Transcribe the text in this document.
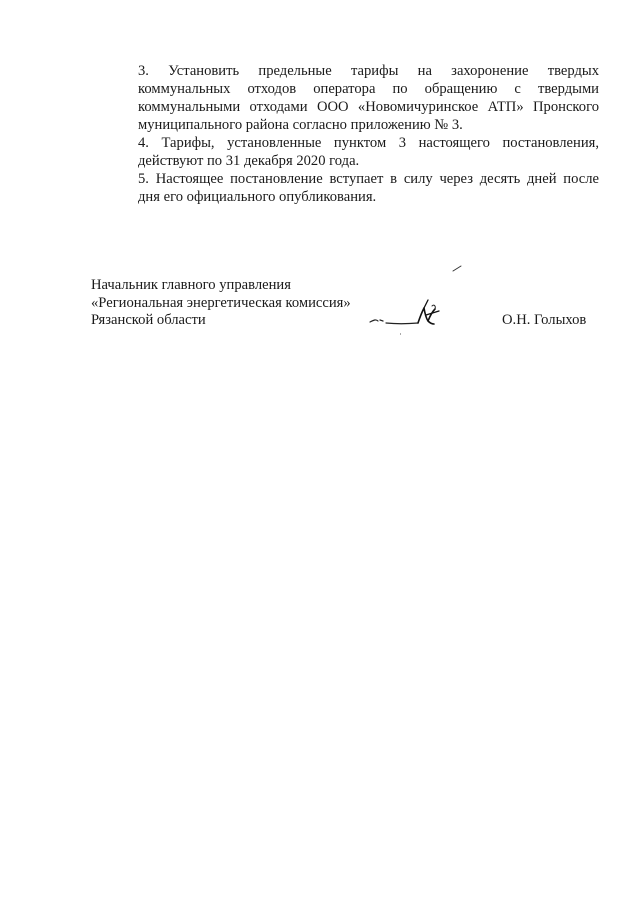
3. Установить предельные тарифы на захоронение твердых
коммунальных отходов оператора по обращению с твердыми
коммунальными отходами ООО «Новомичуринское АТП» Пронского
муниципального района согласно приложению № 3.

4. Тарифы, установленные пунктом 3 настоящего постановления,
действуют по 31 декабря 2020 года.

5. Настоящее постановление вступает в силу через десять дней после
дня его официального опубликования.

Начальник главного управления
«Региональная энергетическая комиссия»
Рязанской области	О.Н. Голыхов
